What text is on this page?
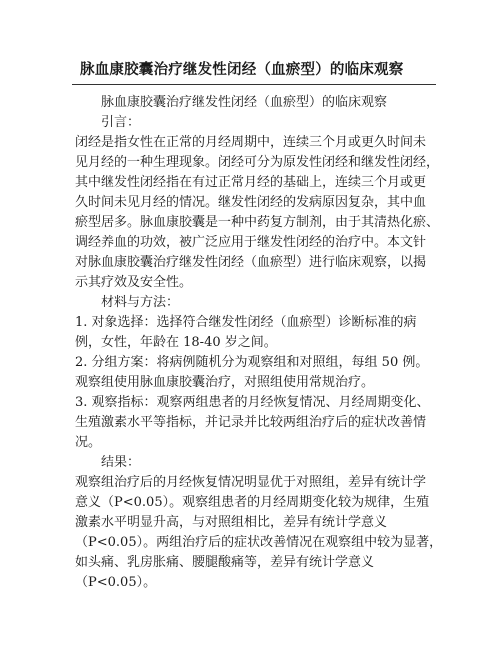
脉血康胶囊治疗继发性闭经（血瘀型）的临床观察
脉血康胶囊治疗继发性闭经（血瘀型）的临床观察
引言：
闭经是指女性在正常的月经周期中，连续三个月或更久时间未
见月经的一种生理现象。闭经可分为原发性闭经和继发性闭经，
其中继发性闭经指在有过正常月经的基础上，连续三个月或更
久时间未见月经的情况。继发性闭经的发病原因复杂，其中血
瘀型居多。脉血康胶囊是一种中药复方制剂，由于其清热化瘀、
调经养血的功效，被广泛应用于继发性闭经的治疗中。本文针
对脉血康胶囊治疗继发性闭经（血瘀型）进行临床观察，以揭
示其疗效及安全性。
材料与方法：
1. 对象选择：选择符合继发性闭经（血瘀型）诊断标准的病
例，女性，年龄在 18-40 岁之间。
2. 分组方案：将病例随机分为观察组和对照组，每组 50 例。
观察组使用脉血康胶囊治疗，对照组使用常规治疗。
3. 观察指标：观察两组患者的月经恢复情况、月经周期变化、
生殖激素水平等指标，并记录并比较两组治疗后的症状改善情
况。
结果：
观察组治疗后的月经恢复情况明显优于对照组，差异有统计学
意义（P<0.05）。观察组患者的月经周期变化较为规律，生殖
激素水平明显升高，与对照组相比，差异有统计学意义
（P<0.05）。两组治疗后的症状改善情况在观察组中较为显著，
如头痛、乳房胀痛、腰腿酸痛等，差异有统计学意义
（P<0.05）。
